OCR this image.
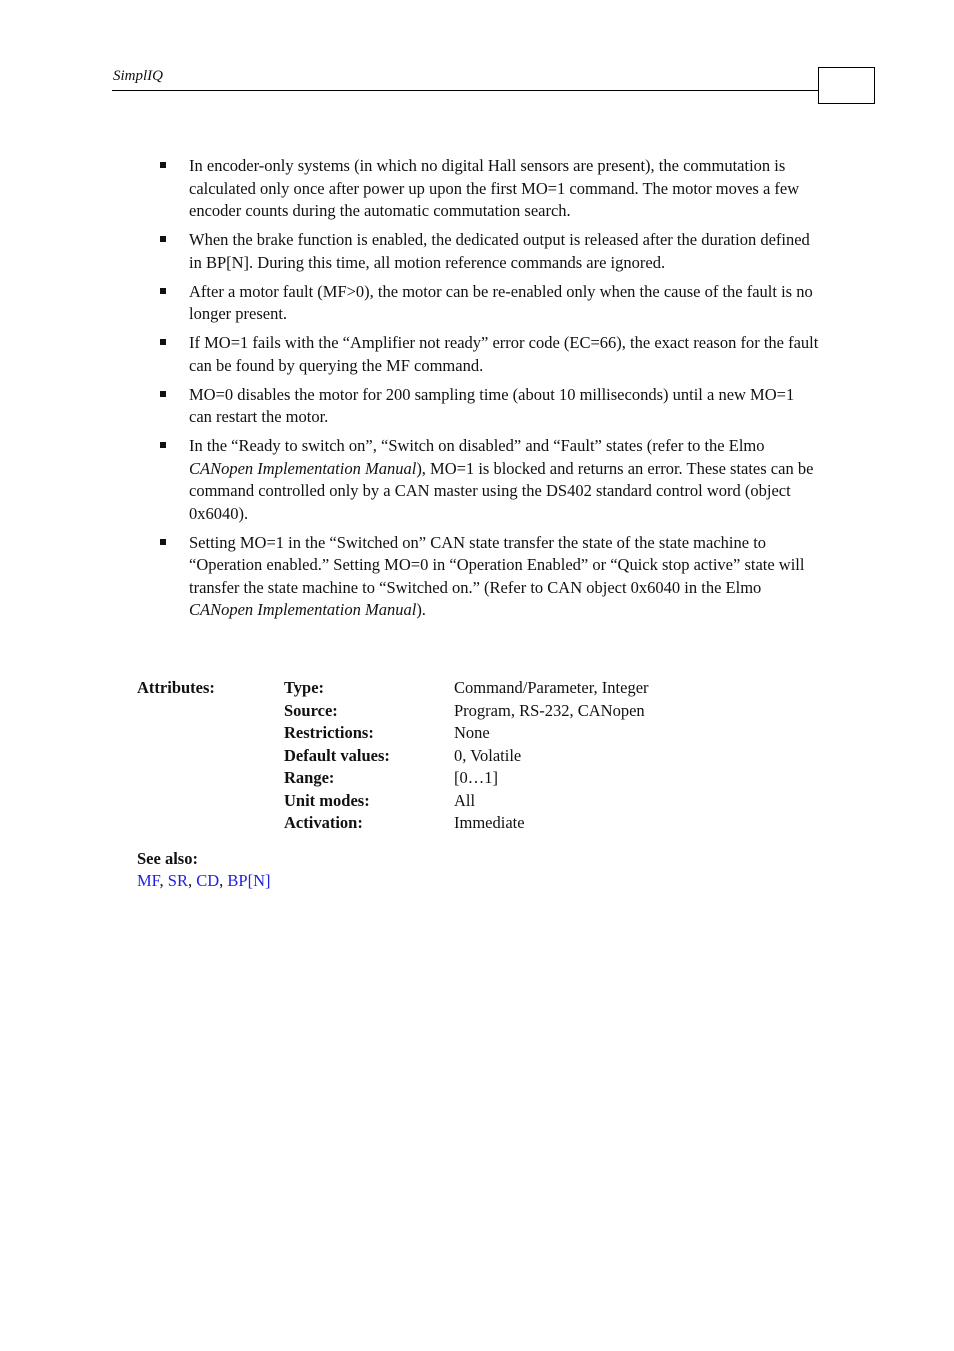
SimplIQ
In encoder-only systems (in which no digital Hall sensors are present), the commutation is calculated only once after power up upon the first MO=1 command. The motor moves a few encoder counts during the automatic commutation search.
When the brake function is enabled, the dedicated output is released after the duration defined in BP[N]. During this time, all motion reference commands are ignored.
After a motor fault (MF>0), the motor can be re-enabled only when the cause of the fault is no longer present.
If MO=1 fails with the “Amplifier not ready” error code (EC=66), the exact reason for the fault can be found by querying the MF command.
MO=0 disables the motor for 200 sampling time (about 10 milliseconds) until a new MO=1 can restart the motor.
In the “Ready to switch on”, “Switch on disabled” and “Fault” states (refer to the Elmo CANopen Implementation Manual), MO=1 is blocked and returns an error. These states can be command controlled only by a CAN master using the DS402 standard control word (object 0x6040).
Setting MO=1 in the “Switched on” CAN state transfer the state of the state machine to “Operation enabled.” Setting MO=0 in “Operation Enabled” or “Quick stop active” state will transfer the state machine to “Switched on.” (Refer to CAN object 0x6040 in the Elmo CANopen Implementation Manual).
Attributes:	Type:	Command/Parameter, Integer
Source:	Program, RS-232, CANopen
Restrictions:	None
Default values:	0, Volatile
Range:	[0…1]
Unit modes:	All
Activation:	Immediate
See also:
MF, SR, CD, BP[N]
